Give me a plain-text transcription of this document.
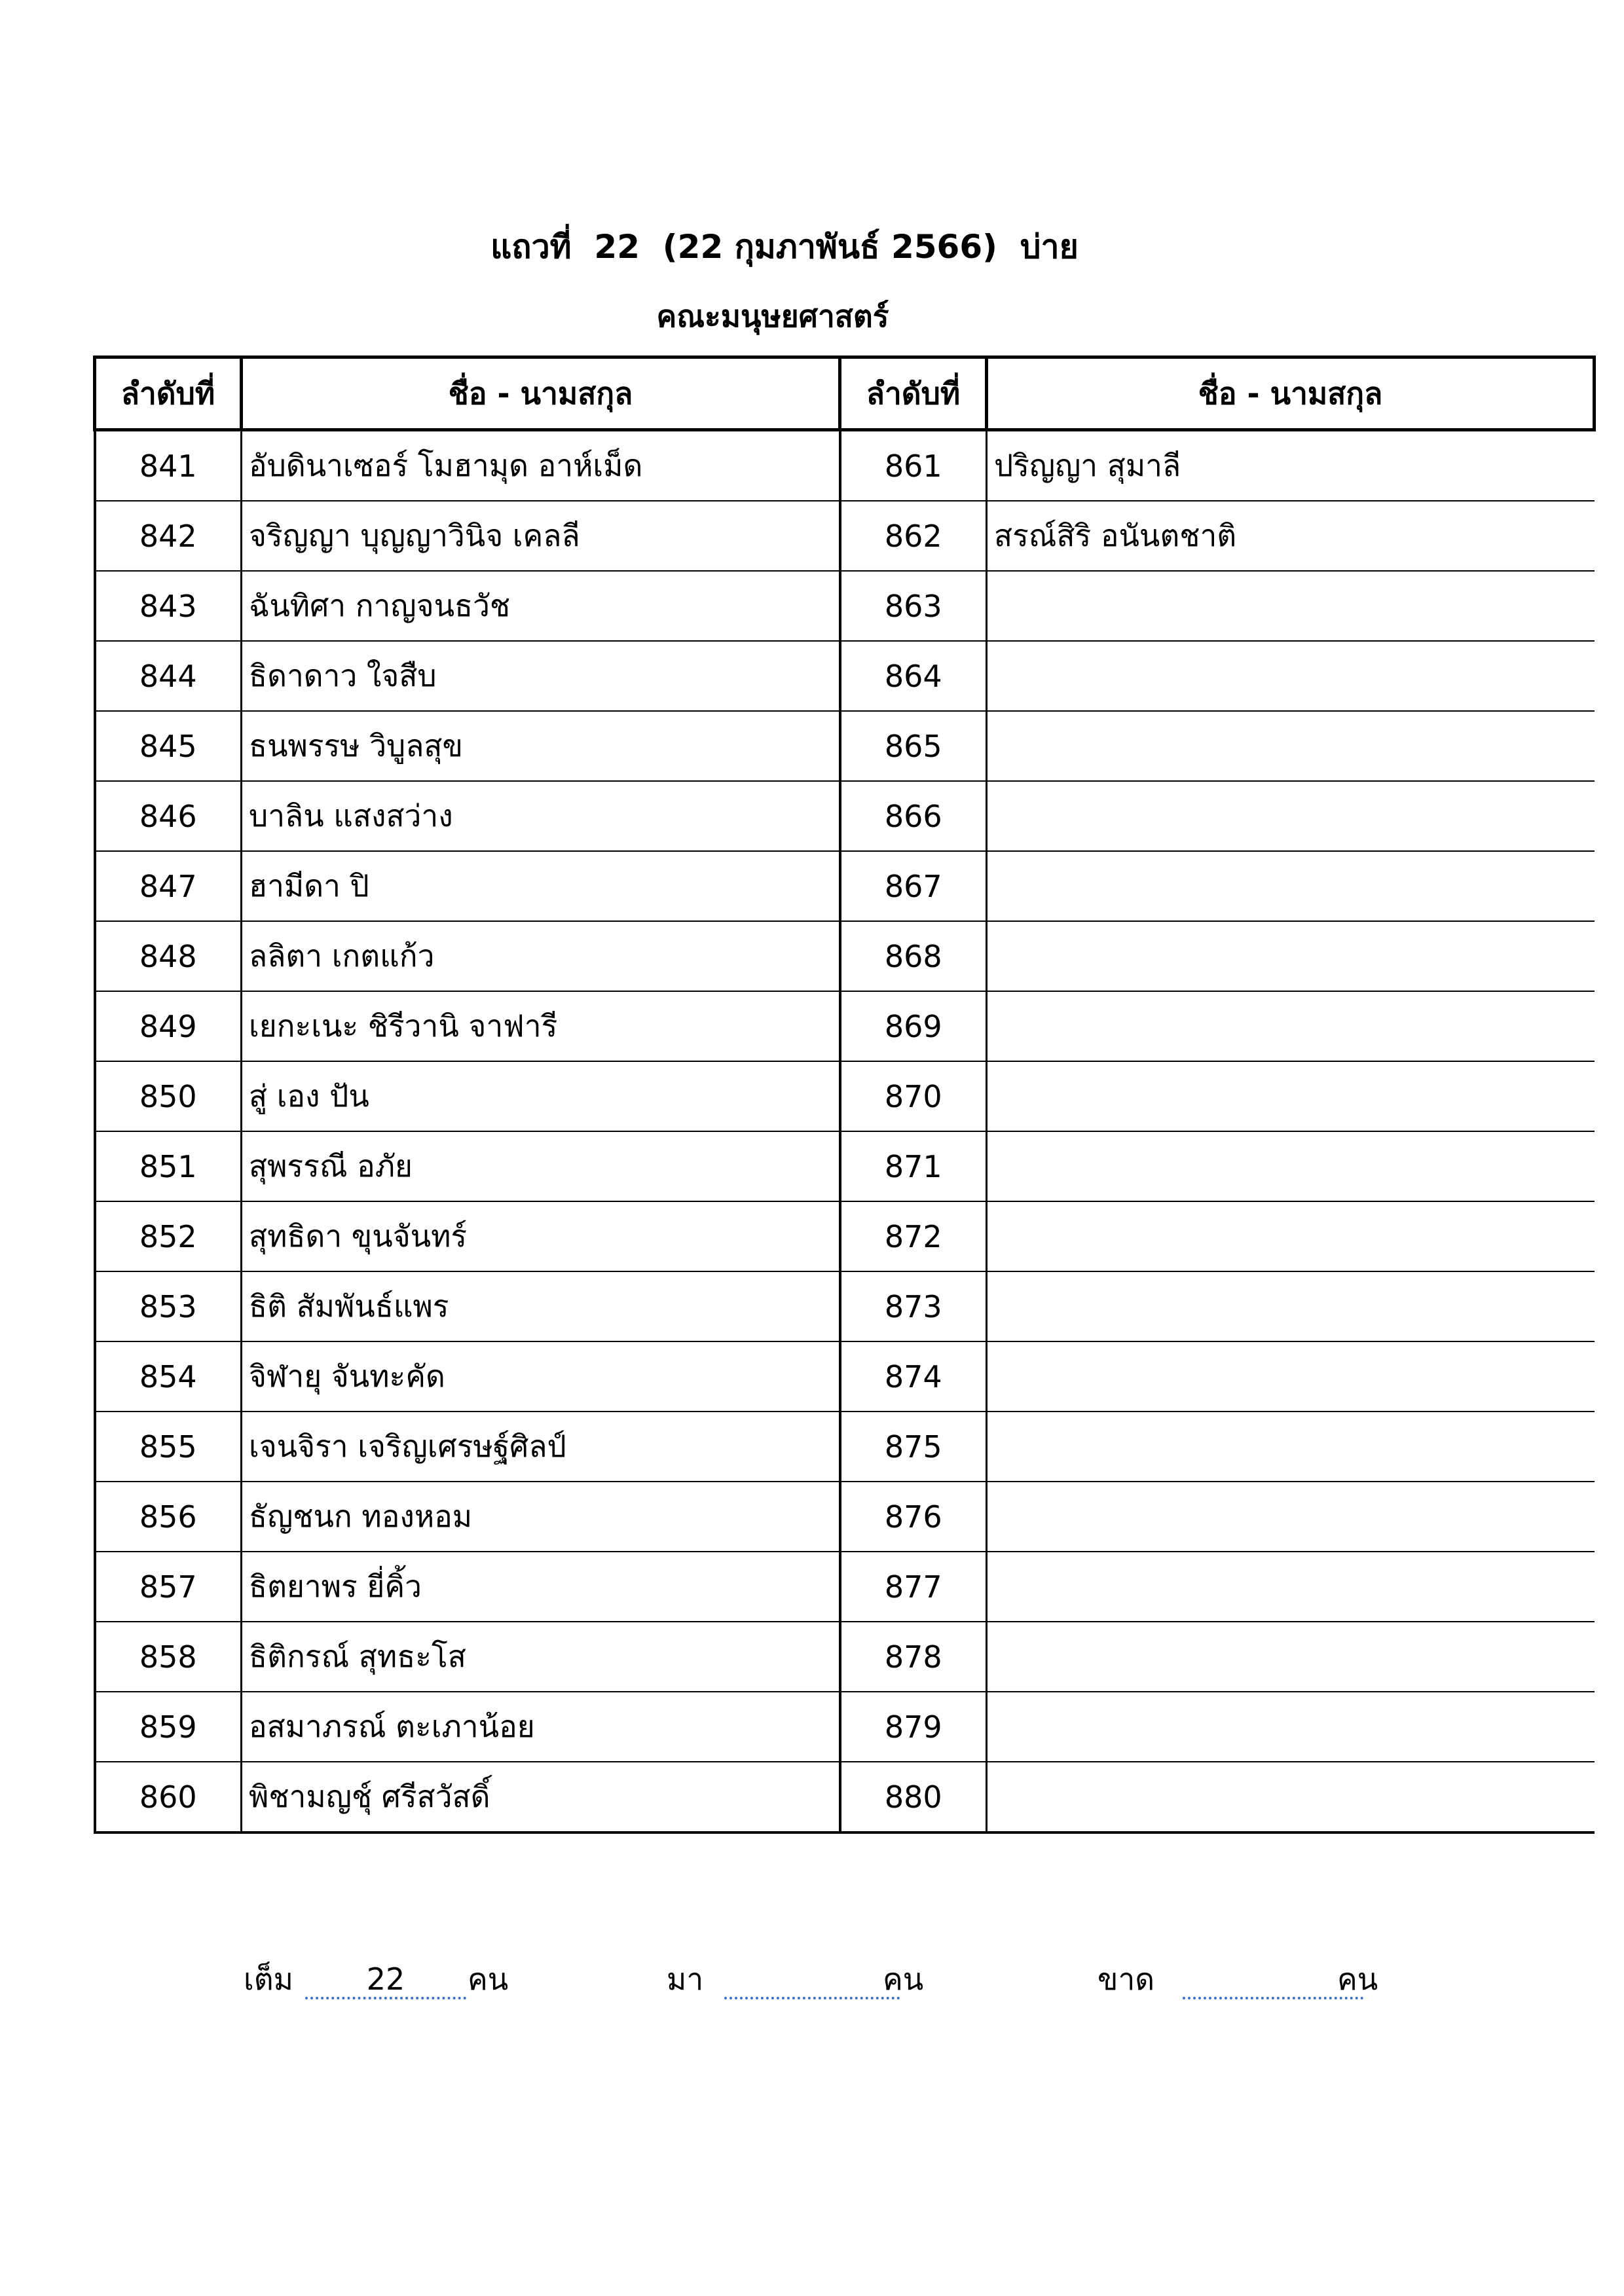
แถวที่  22  (22 กุมภาพันธ์ 2566)  บ่าย
คณะมนุษยศาสตร์
ลำดับที่	ชื่อ - นามสกุล	ลำดับที่	ชื่อ - นามสกุล
841	อับดินาเซอร์ โมฮามุด อาห์เม็ด	861	ปริญญา สุมาลี
842	จริญญา บุญญาวินิจ เคลลี	862	สรณ์สิริ อนันตชาติ
843	ฉันทิศา กาญจนธวัช	863	
844	ธิดาดาว ใจสืบ	864	
845	ธนพรรษ วิบูลสุข	865	
846	บาลิน แสงสว่าง	866	
847	ฮามีดา ปิ	867	
848	ลลิตา เกตแก้ว	868	
849	เยกะเนะ ชิรีวานิ จาฟารี	869	
850	สู่ เอง ปัน	870	
851	สุพรรณี อภัย	871	
852	สุทธิดา ขุนจันทร์	872	
853	ธิติ สัมพันธ์แพร	873	
854	จิฬายุ จันทะคัด	874	
855	เจนจิรา เจริญเศรษฐ์ศิลป์	875	
856	ธัญชนก ทองหอม	876	
857	ธิตยาพร ยี่คิ้ว	877	
858	ธิติกรณ์ สุทธะโส	878	
859	อสมาภรณ์ ตะเภาน้อย	879	
860	พิชามญชุ์ ศรีสวัสดิ์	880	
เต็ม	22	คน	มา	คน	ขาด	คน
